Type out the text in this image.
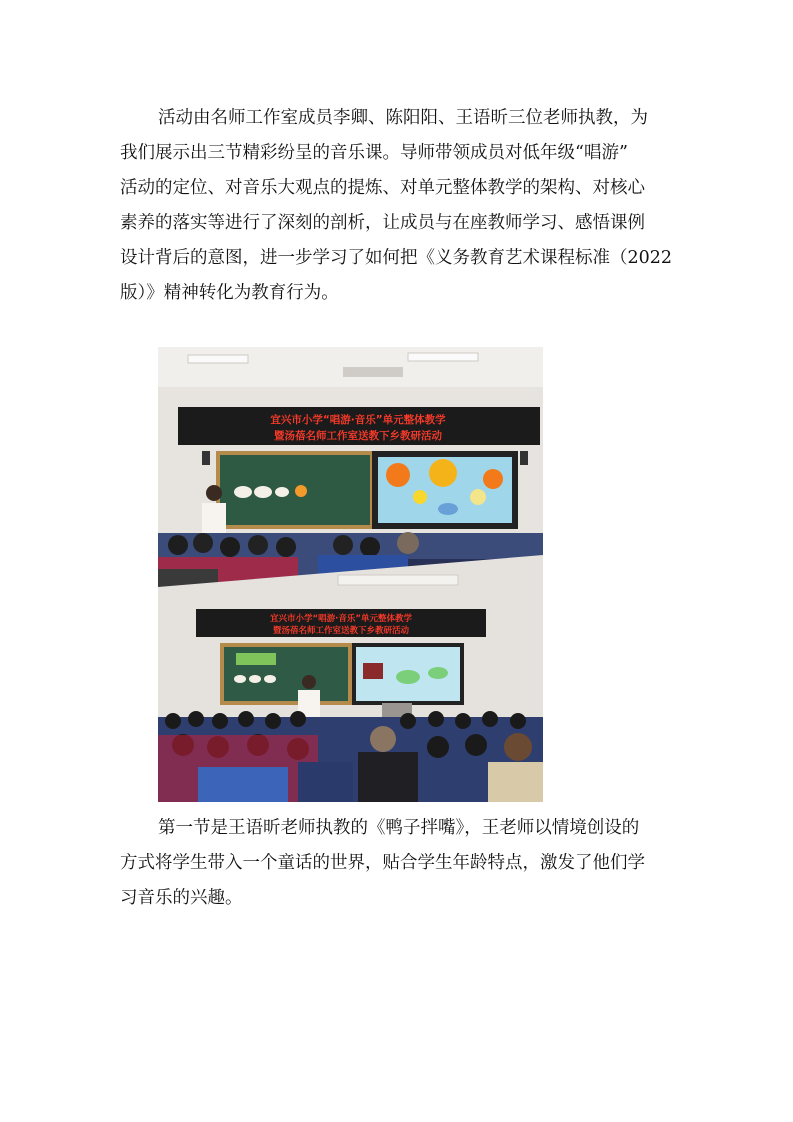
活动由名师工作室成员李卿、陈阳阳、王语昕三位老师执教，为
我们展示出三节精彩纷呈的音乐课。导师带领成员对低年级“唱游”
活动的定位、对音乐大观点的提炼、对单元整体教学的架构、对核心
素养的落实等进行了深刻的剖析，让成员与在座教师学习、感悟课例
设计背后的意图，进一步学习了如何把《义务教育艺术课程标准（2022
版）》精神转化为教育行为。

宜兴市小学“唱游·音乐”单元整体教学
暨汤蓓名师工作室送教下乡教研活动
宜兴市小学“唱游·音乐”单元整体教学
暨汤蓓名师工作室送教下乡教研活动

第一节是王语昕老师执教的《鸭子拌嘴》，王老师以情境创设的
方式将学生带入一个童话的世界，贴合学生年龄特点，激发了他们学
习音乐的兴趣。
